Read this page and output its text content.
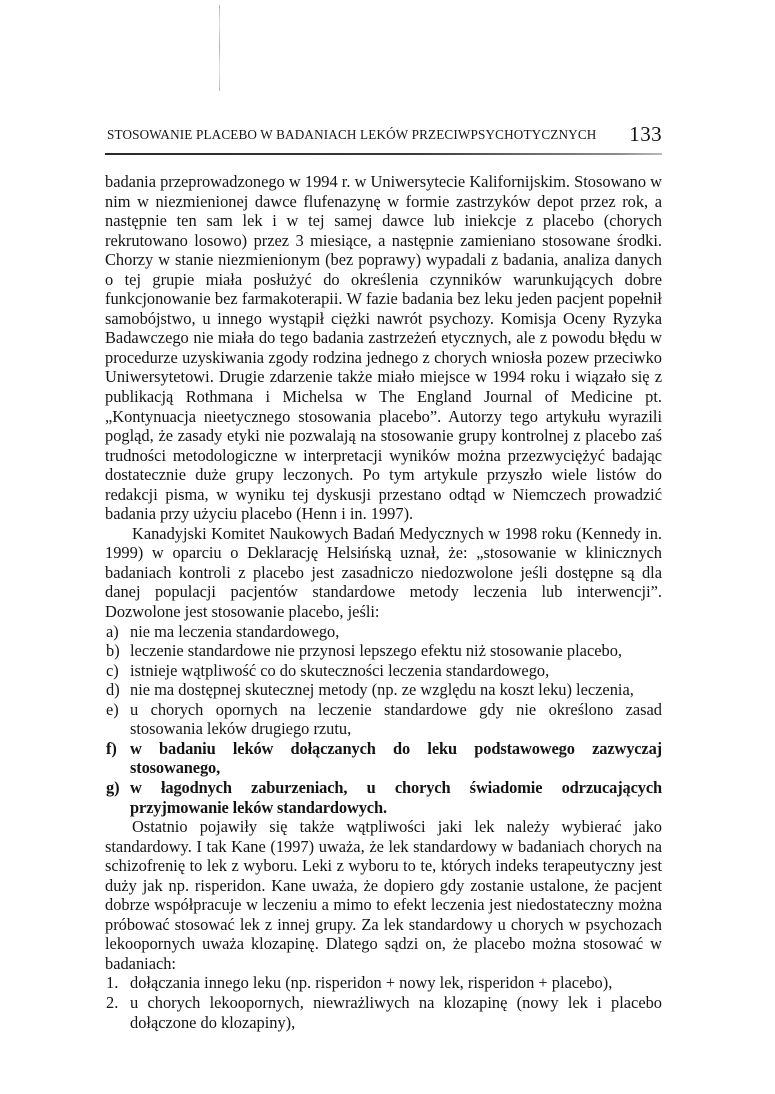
STOSOWANIE PLACEBO W BADANIACH LEKÓW PRZECIWPSYCHOTYCZNYCH 133

badania przeprowadzonego w 1994 r. w Uniwersytecie Kalifornijskim. Stosowano w nim w niezmienionej dawce flufenazynę w formie zastrzyków depot przez rok, a następnie ten sam lek i w tej samej dawce lub iniekcje z placebo (chorych rekrutowano losowo) przez 3 miesiące, a następnie zamieniano stosowane środki. Chorzy w stanie niezmienionym (bez poprawy) wypadali z badania, analiza danych o tej grupie miała posłużyć do określenia czynników warunkujących dobre funkcjonowanie bez farmakoterapii. W fazie badania bez leku jeden pacjent popełnił samobójstwo, u innego wystąpił ciężki nawrót psychozy. Komisja Oceny Ryzyka Badawczego nie miała do tego badania zastrzeżeń etycznych, ale z powodu błędu w procedurze uzyskiwania zgody rodzina jednego z chorych wniosła pozew przeciwko Uniwersytetowi. Drugie zdarzenie także miało miejsce w 1994 roku i wiązało się z publikacją Rothmana i Michelsa w The England Journal of Medicine pt. „Kontynuacja nieetycznego stosowania placebo”. Autorzy tego artykułu wyrazili pogląd, że zasady etyki nie pozwalają na stosowanie grupy kontrolnej z placebo zaś trudności metodologiczne w interpretacji wyników można przezwyciężyć badając dostatecznie duże grupy leczonych. Po tym artykule przyszło wiele listów do redakcji pisma, w wyniku tej dyskusji przestano odtąd w Niemczech prowadzić badania przy użyciu placebo (Henn i in. 1997).

Kanadyjski Komitet Naukowych Badań Medycznych w 1998 roku (Kennedy in. 1999) w oparciu o Deklarację Helsińską uznał, że: „stosowanie w klinicznych badaniach kontroli z placebo jest zasadniczo niedozwolone jeśli dostępne są dla danej populacji pacjentów standardowe metody leczenia lub interwencji”. Dozwolone jest stosowanie placebo, jeśli:

a) nie ma leczenia standardowego,
b) leczenie standardowe nie przynosi lepszego efektu niż stosowanie placebo,
c) istnieje wątpliwość co do skuteczności leczenia standardowego,
d) nie ma dostępnej skutecznej metody (np. ze względu na koszt leku) leczenia,
e) u chorych opornych na leczenie standardowe gdy nie określono zasad stosowania leków drugiego rzutu,
f) w badaniu leków dołączanych do leku podstawowego zazwyczaj stosowanego,
g) w łagodnych zaburzeniach, u chorych świadomie odrzucających przyjmowanie leków standardowych.

Ostatnio pojawiły się także wątpliwości jaki lek należy wybierać jako standardowy. I tak Kane (1997) uważa, że lek standardowy w badaniach chorych na schizofrenię to lek z wyboru. Leki z wyboru to te, których indeks terapeutyczny jest duży jak np. risperidon. Kane uważa, że dopiero gdy zostanie ustalone, że pacjent dobrze współpracuje w leczeniu a mimo to efekt leczenia jest niedostateczny można próbować stosować lek z innej grupy. Za lek standardowy u chorych w psychozach lekoopornych uważa klozapinę. Dlatego sądzi on, że placebo można stosować w badaniach:

1. dołączania innego leku (np. risperidon + nowy lek, risperidon + placebo),
2. u chorych lekoopornych, niewrażliwych na klozapinę (nowy lek i placebo dołączone do klozapiny),
